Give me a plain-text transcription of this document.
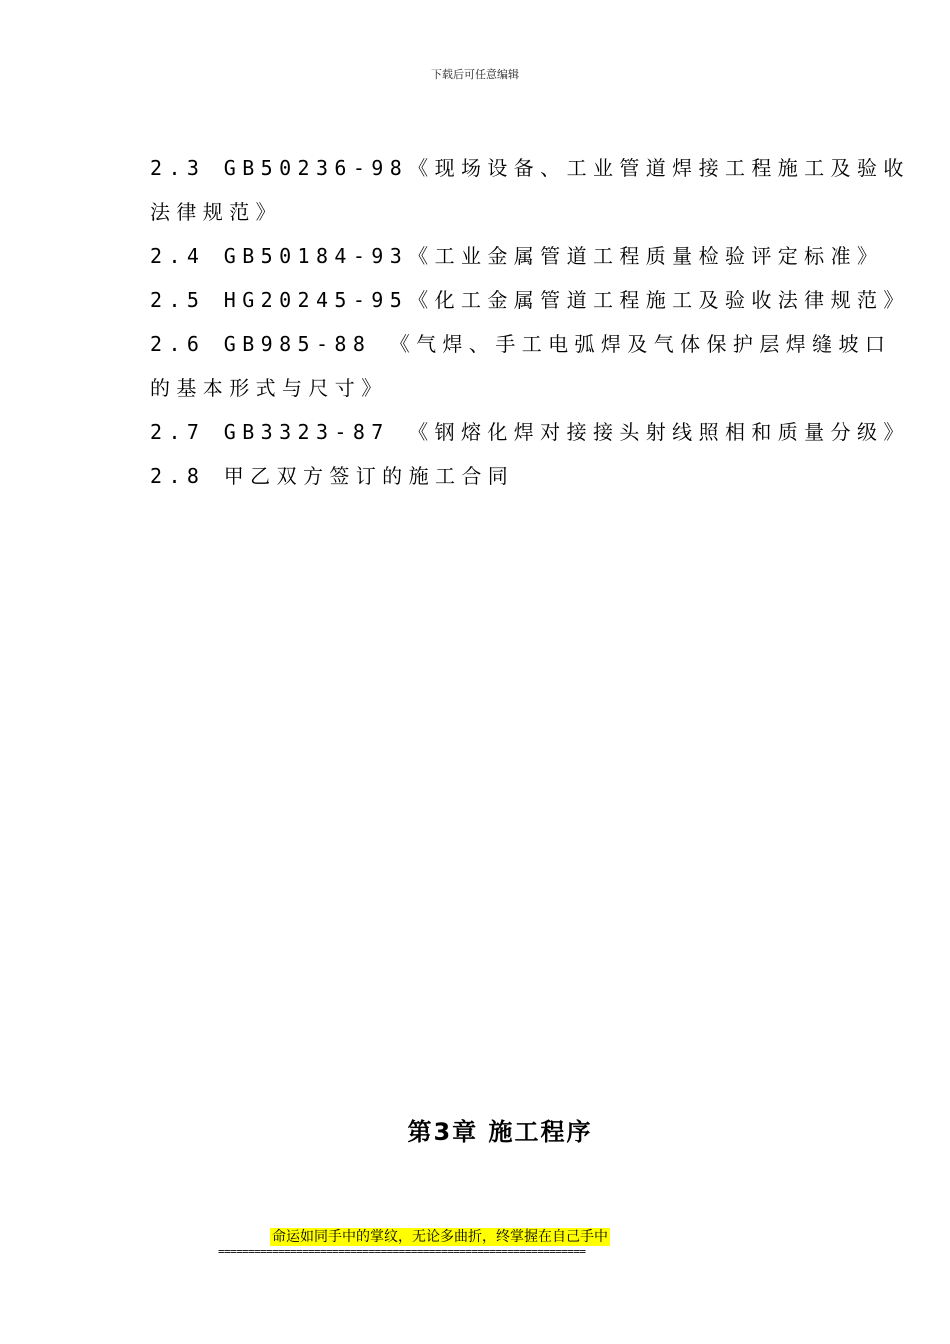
下载后可任意编辑
2.3 GB50236-98《现场设备、工业管道焊接工程施工及验收
法律规范》
2.4 GB50184-93《工业金属管道工程质量检验评定标准》
2.5 HG20245-95《化工金属管道工程施工及验收法律规范》
2.6 GB985-88 《气焊、手工电弧焊及气体保护层焊缝坡口
的基本形式与尺寸》
2.7 GB3323-87 《钢熔化焊对接接头射线照相和质量分级》
2.8 甲乙双方签订的施工合同
第3章 施工程序
命运如同手中的掌纹，无论多曲折，终掌握在自己手中
=============================================================
